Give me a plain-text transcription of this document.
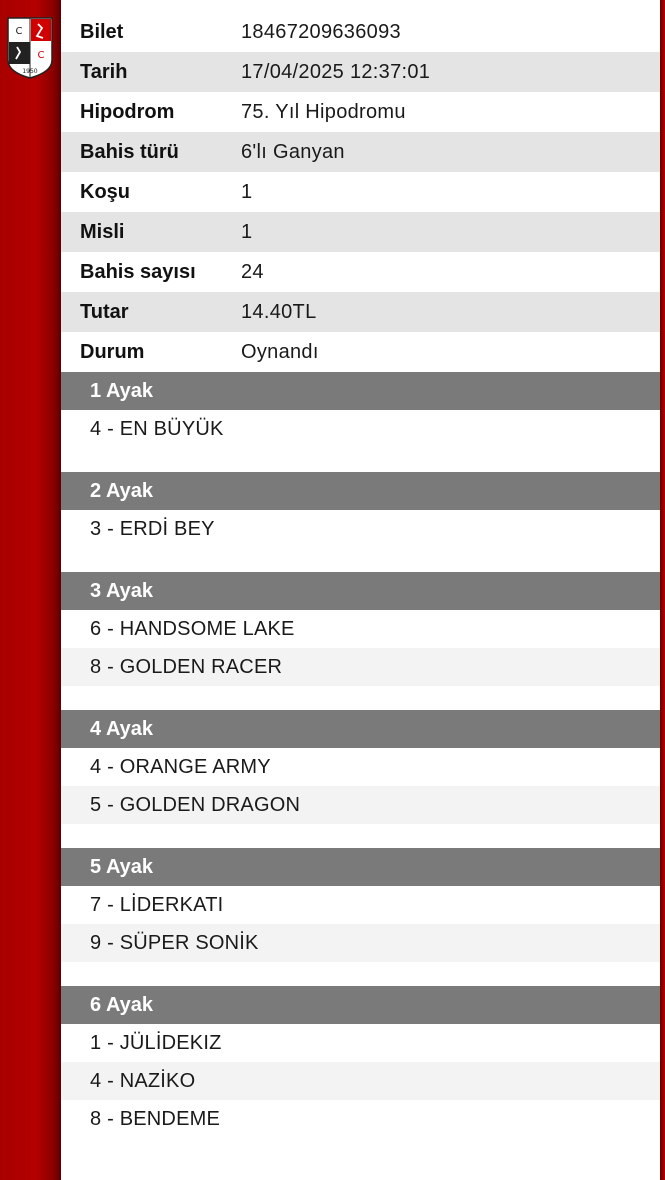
C
C
1950
Bilet	18467209636093
Tarih	17/04/2025 12:37:01
Hipodrom	75. Yıl Hipodromu
Bahis türü	6'lı Ganyan
Koşu	1
Misli	1
Bahis sayısı	24
Tutar	14.40TL
Durum	Oynandı
1 Ayak
4 - EN BÜYÜK
2 Ayak
3 - ERDİ BEY
3 Ayak
6 - HANDSOME LAKE
8 - GOLDEN RACER
4 Ayak
4 - ORANGE ARMY
5 - GOLDEN DRAGON
5 Ayak
7 - LİDERKATI
9 - SÜPER SONİK
6 Ayak
1 - JÜLİDEKIZ
4 - NAZİKO
8 - BENDEME
